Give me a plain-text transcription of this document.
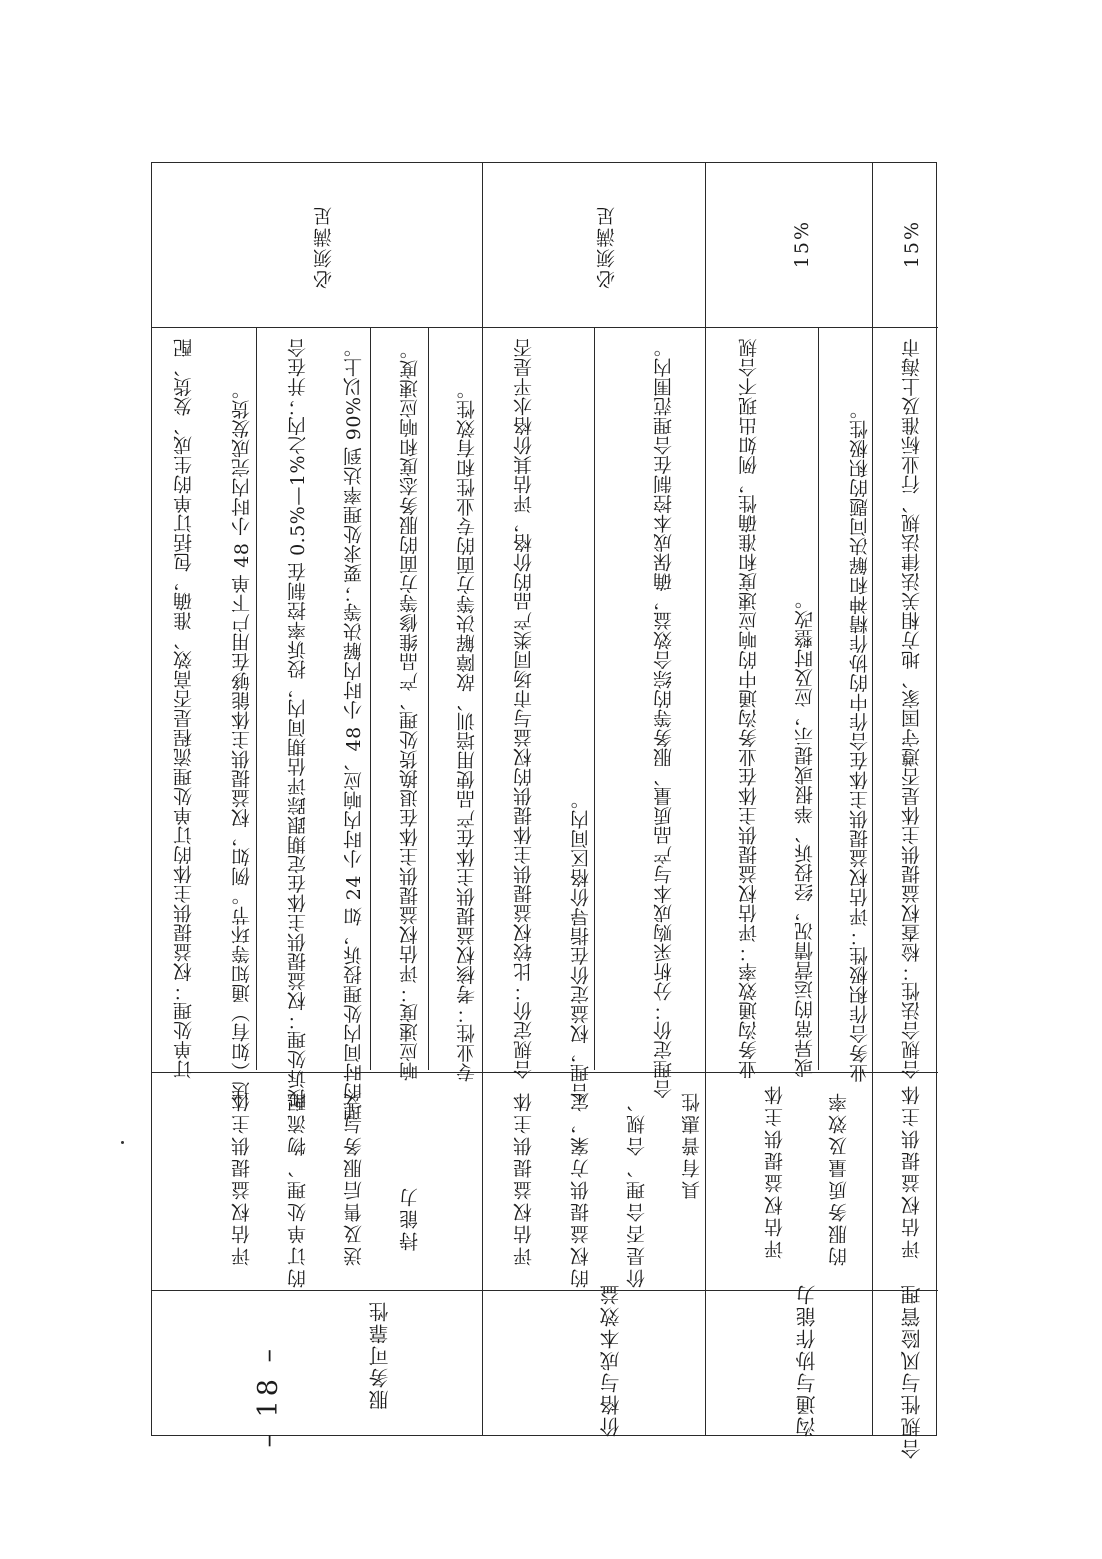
服务可靠性
评估权益提供主体 的订单处理、物流配 送及售后服务与支 持能力
订单处理：权益提供主体的订单处理流程是否高效、准确，包括订单的生成、发货、配 送（如有）通知等环节。例如，权益提供主体能够在用户下单 48 小时内完成发货。 投诉处理：权益提供主体在定期跟踪评估期间内，投诉率控制在 0.5%—1%之内；并在合 理的时间内处理投诉，如 24 小时内响应、48 小时内解决等；要求处理率达到 90%以上。 响应速度：评估权益提供主体在退换货处理、产品维修等方面的服务态度和响应速度。 专业性：考核权益提供主体在产品使用培训、故障解决等方面的专业性和有效性。
必须满足
价格与成本效益
评估权益提供主体 的权益提供方案，定 价是否合理、合规、 具有普惠性
合规定价：比较权益提供主体提供的权益与市场同类产品的价格，评估其价格水平是否 合理，权益定价在指导价格区间内。	合理定价：分析采购成本与产品质量、服务等的综合效益，确保成本控制在合理范围内。
必须满足
沟通与协作能力
评估权益提供主体 的服务质量及效率
业务沟通效率：评估权益提供主体在业务沟通中的响应速度和准确性，例如出现不合规 或异常的运营情况，经投诉、举报或提示，应及时整改。 业务合作积极性：评估权益提供主体在合作中的协作精神和解决问题的积极性。
15%
合规性与风险管理
评估权益提供主体
合规合法性：检查权益提供主体是否遵守国家、地方相关法律法规、行业标准及上海市
15%
– 18 –
